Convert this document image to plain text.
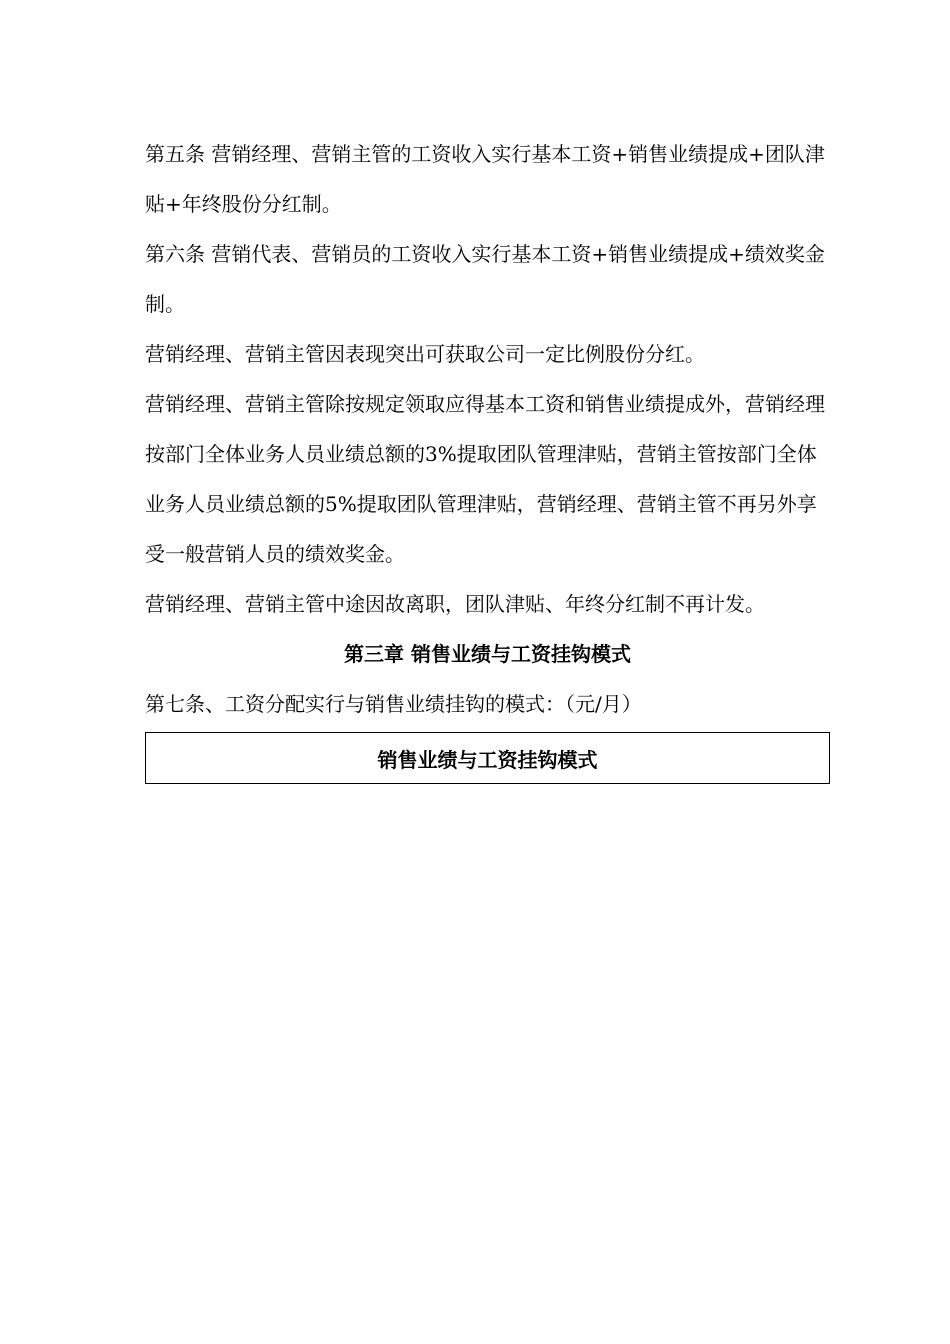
第五条 营销经理、营销主管的工资收入实行基本工资+销售业绩提成+团队津贴+年终股份分红制。

第六条 营销代表、营销员的工资收入实行基本工资+销售业绩提成+绩效奖金制。

营销经理、营销主管因表现突出可获取公司一定比例股份分红。

营销经理、营销主管除按规定领取应得基本工资和销售业绩提成外，营销经理按部门全体业务人员业绩总额的3%提取团队管理津贴，营销主管按部门全体业务人员业绩总额的5%提取团队管理津贴，营销经理、营销主管不再另外享受一般营销人员的绩效奖金。

营销经理、营销主管中途因故离职，团队津贴、年终分红制不再计发。

第三章 销售业绩与工资挂钩模式

第七条、工资分配实行与销售业绩挂钩的模式：（元/月）

销售业绩与工资挂钩模式
